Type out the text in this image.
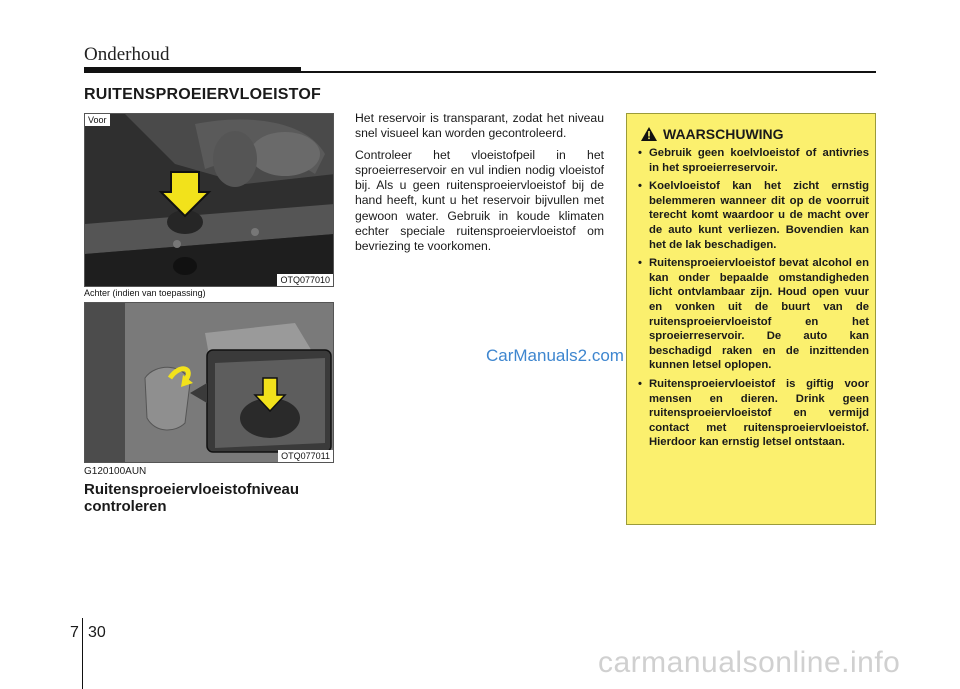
Onderhoud
RUITENSPROEIERVLOEISTOF
Voor
OTQ077010
OTQ077011
Achter (indien van toepassing)
G120100AUN
Ruitensproeiervloeistofniveau controleren

Het reservoir is transparant, zodat het niveau snel visueel kan worden gecontroleerd.

Controleer het vloeistofpeil in het sproeierreservoir en vul indien nodig vloeistof bij. Als u geen ruitensproeiervloeistof bij de hand heeft, kunt u het reservoir bijvullen met gewoon water. Gebruik in koude klimaten echter speciale ruitensproeiervloeistof om bevriezing te voorkomen.

WAARSCHUWING
• Gebruik geen koelvloeistof of antivries in het sproeierreservoir.
• Koelvloeistof kan het zicht ernstig belemmeren wanneer dit op de voorruit terecht komt waardoor u de macht over de auto kunt verliezen. Bovendien kan het de lak beschadigen.
• Ruitensproeiervloeistof bevat alcohol en kan onder bepaalde omstandigheden licht ontvlambaar zijn. Houd open vuur en vonken uit de buurt van de ruitensproeiervloeistof en het sproeierreservoir. De auto kan beschadigd raken en de inzittenden kunnen letsel oplopen.
• Ruitensproeiervloeistof is giftig voor mensen en dieren. Drink geen ruitensproeiervloeistof en vermijd contact met ruitensproeiervloeistof. Hierdoor kan ernstig letsel ontstaan.
CarManuals2.com
7 30
carmanualsonline.info
